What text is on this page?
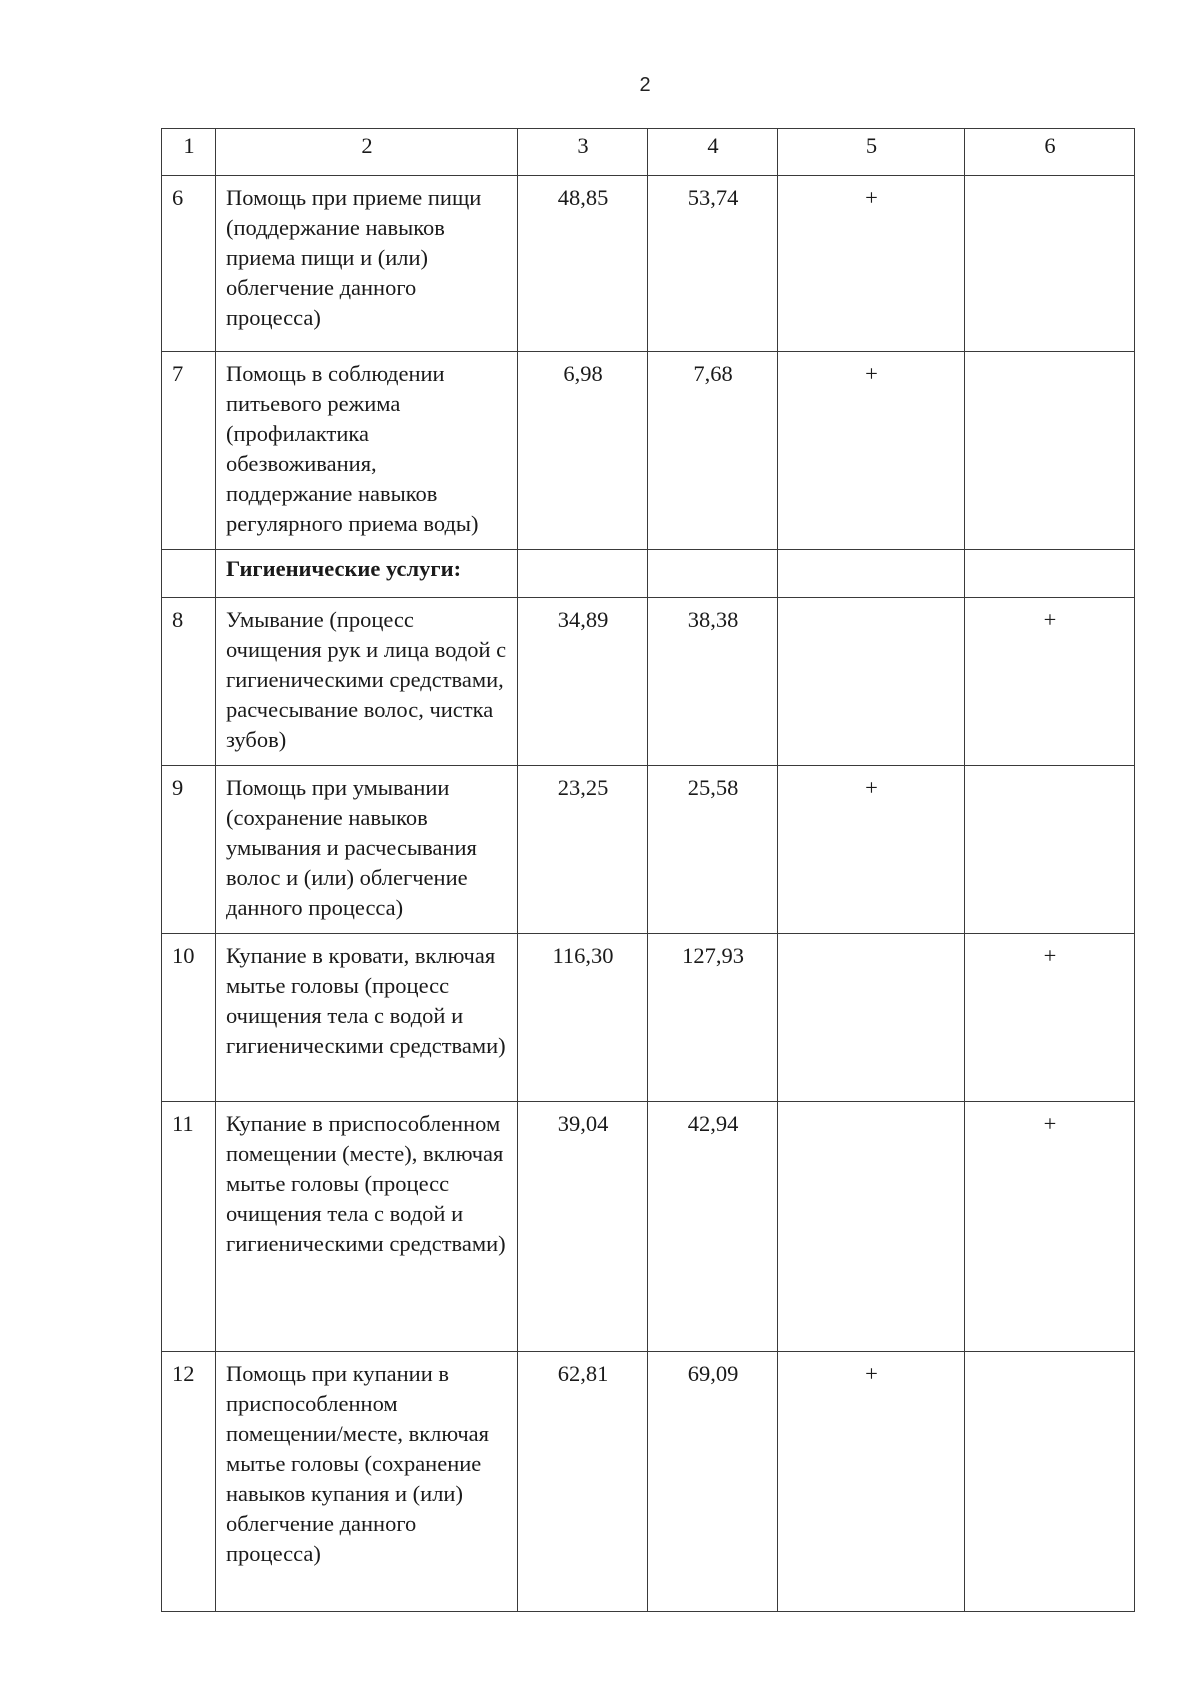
2
1	2	3	4	5	6
6	Помощь при приеме пищи (поддержание навыков приема пищи и (или) облегчение данного процесса)	48,85	53,74	+	
7	Помощь в соблюдении питьевого режима (профилактика обезвоживания, поддержание навыков регулярного приема воды)	6,98	7,68	+	
	Гигиенические услуги:				
8	Умывание (процесс очищения рук и лица водой с гигиеническими средствами, расчесывание волос, чистка зубов)	34,89	38,38		+
9	Помощь при умывании (сохранение навыков умывания и расчесывания волос и (или) облегчение данного процесса)	23,25	25,58	+	
10	Купание в кровати, включая мытье головы (процесс очищения тела с водой и гигиеническими средствами)	116,30	127,93		+
11	Купание в приспособленном помещении (месте), включая мытье головы (процесс очищения тела с водой и гигиеническими средствами)	39,04	42,94		+
12	Помощь при купании в приспособленном помещении/месте, включая мытье головы (сохранение навыков купания и (или) облегчение данного процесса)	62,81	69,09	+	
